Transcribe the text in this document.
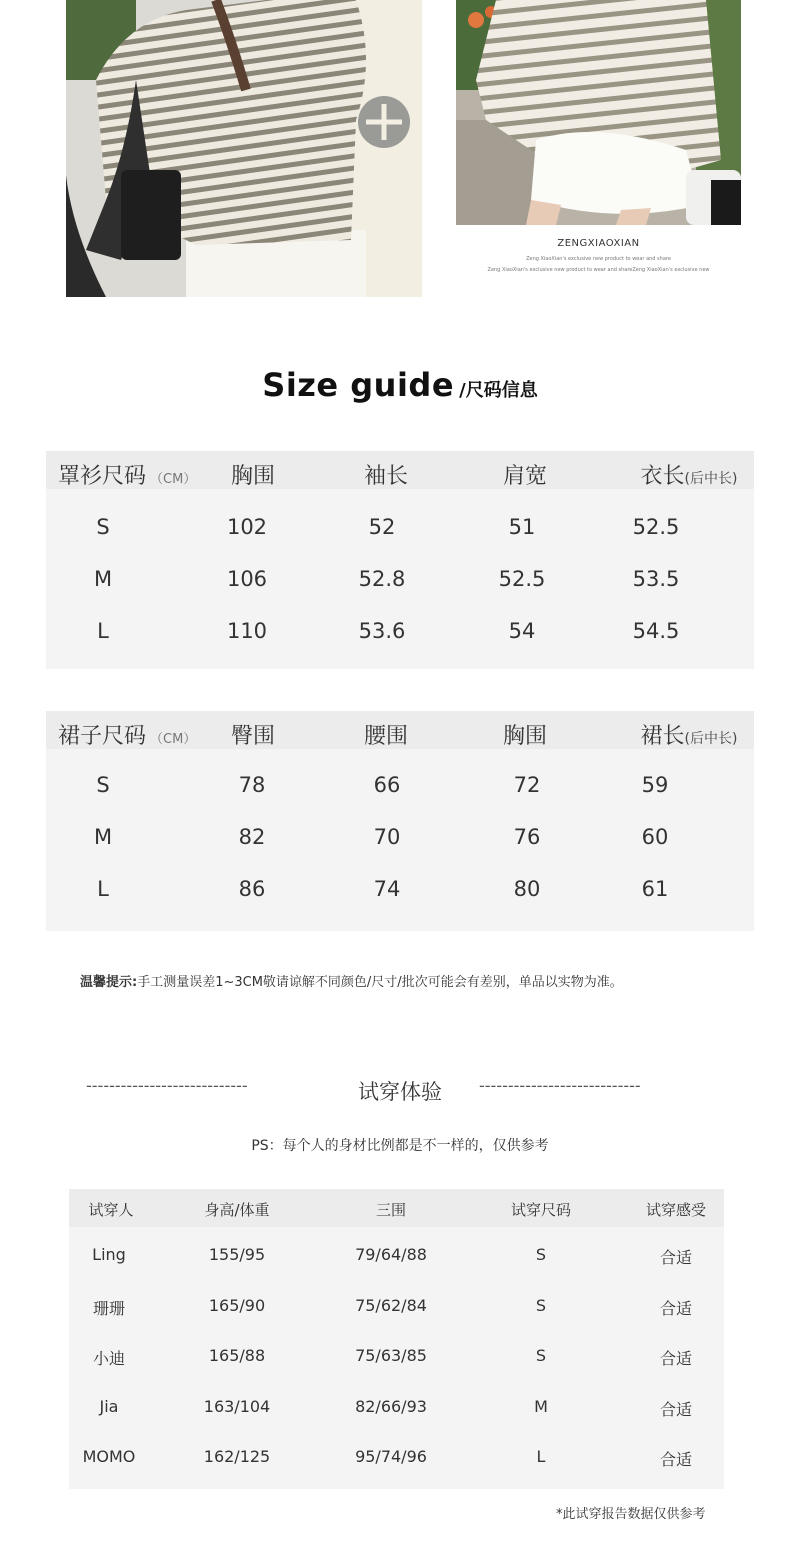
ZENGXIAOXIAN
Zeng XiaoXian's exclusive new product to wear and share
Zeng XiaoXian's exclusive new product to wear and shareZeng XiaoXian's exclusive new
Size guide /尺码信息
罩衫尺码 （CM） 胸围	袖长	肩宽	衣长(后中长)
S	102	52	51	52.5
M	106	52.8	52.5	53.5
L	110	53.6	54	54.5
裙子尺码 （CM） 臀围	腰围	胸围	裙长(后中长)
S	78	66	72	59
M	82	70	76	60
L	86	74	80	61
温馨提示:手工测量误差1~3CM敬请谅解不同颜色/尺寸/批次可能会有差别，单品以实物为准。
----------------------------	试穿体验	----------------------------
PS：每个人的身材比例都是不一样的，仅供参考
试穿人	身高/体重	三围	试穿尺码	试穿感受
Ling	155/95	79/64/88	S	合适
珊珊	165/90	75/62/84	S	合适
小迪	165/88	75/63/85	S	合适
Jia	163/104	82/66/93	M	合适
MOMO	162/125	95/74/96	L	合适
*此试穿报告数据仅供参考
